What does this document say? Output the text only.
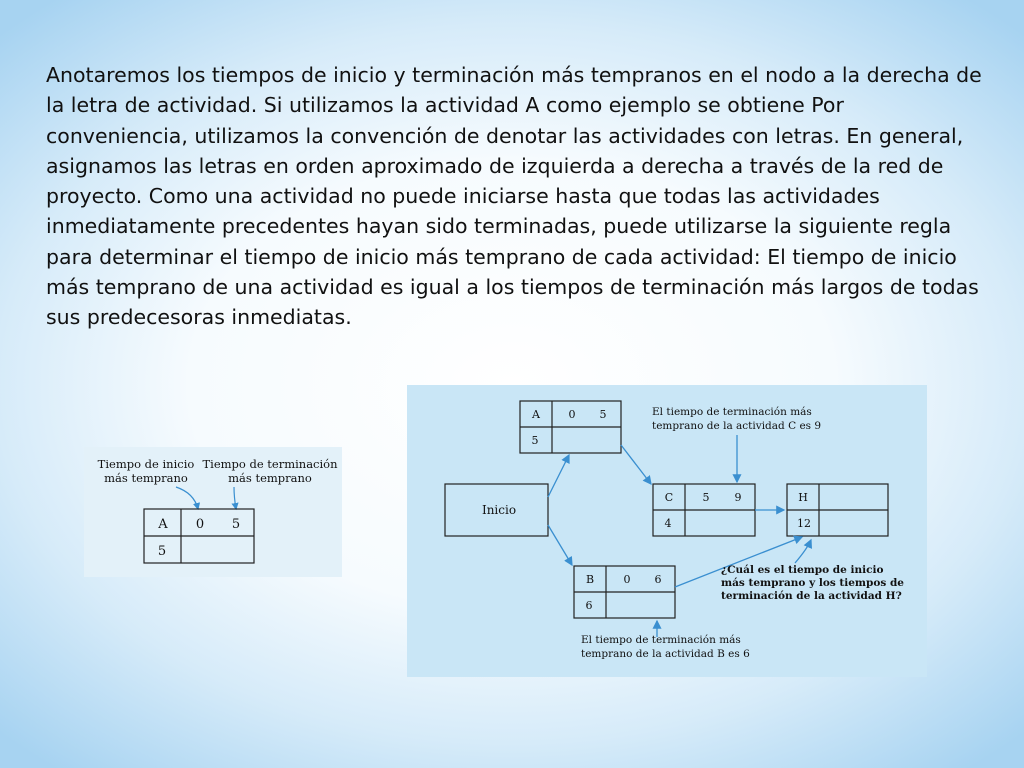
Anotaremos los tiempos de inicio y terminación más tempranos en el nodo a la derecha de la letra de actividad. Si utilizamos la actividad A como ejemplo se obtiene Por conveniencia, utilizamos la convención de denotar las actividades con letras. En general, asignamos las letras en orden aproximado de izquierda a derecha a través de la red de proyecto. Como una actividad no puede iniciarse hasta que todas las actividades inmediatamente precedentes hayan sido terminadas, puede utilizarse la siguiente regla para determinar el tiempo de inicio más temprano de cada actividad: El tiempo de inicio más temprano de una actividad es igual a los tiempos de terminación más largos de todas sus predecesoras inmediatas.

Tiempo de inicio
más temprano
Tiempo de terminación
más temprano
A 0 5
5
Inicio
A	0 5
5
C	5 9
4
H
12
B	0 6
6
El tiempo de terminación más
temprano de la actividad C es 9
¿Cuál es el tiempo de inicio
más temprano y los tiempos de
terminación de la actividad H?
El tiempo de terminación más
temprano de la actividad B es 6
